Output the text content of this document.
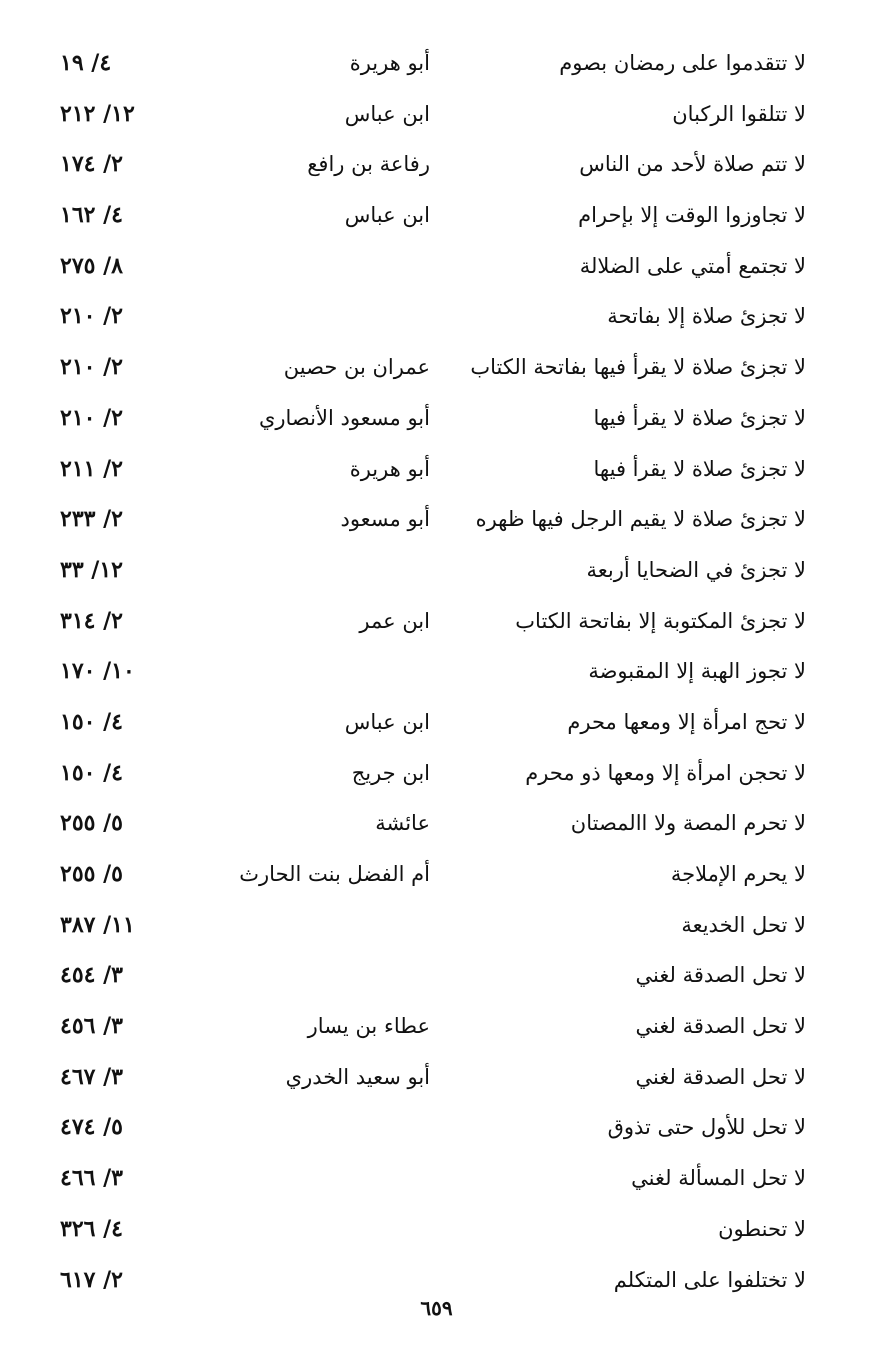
لا تتقدموا على رمضان بصوم
أبو هريرة
٤/ ١٩
لا تتلقوا الركبان
ابن عباس
١٢/ ٢١٢
لا تتم صلاة لأحد من الناس
رفاعة بن رافع
٢/ ١٧٤
لا تجاوزوا الوقت إلا بإحرام
ابن عباس
٤/ ١٦٢
لا تجتمع أمتي على الضلالة
٨/ ٢٧٥
لا تجزئ صلاة إلا بفاتحة
٢/ ٢١٠
لا تجزئ صلاة لا يقرأ فيها بفاتحة الكتاب
عمران بن حصين
٢/ ٢١٠
لا تجزئ صلاة لا يقرأ فيها
أبو مسعود الأنصاري
٢/ ٢١٠
لا تجزئ صلاة لا يقرأ فيها
أبو هريرة
٢/ ٢١١
لا تجزئ صلاة لا يقيم الرجل فيها ظهره
أبو مسعود
٢/ ٢٣٣
لا تجزئ في الضحايا أربعة
١٢/ ٣٣
لا تجزئ المكتوبة إلا بفاتحة الكتاب
ابن عمر
٢/ ٣١٤
لا تجوز الهبة إلا المقبوضة
١٠/ ١٧٠
لا تحج امرأة إلا ومعها محرم
ابن عباس
٤/ ١٥٠
لا تحجن امرأة إلا ومعها ذو محرم
ابن جريج
٤/ ١٥٠
لا تحرم المصة ولا االمصتان
عائشة
٥/ ٢٥٥
لا يحرم الإملاجة
أم الفضل بنت الحارث
٥/ ٢٥٥
لا تحل الخديعة
١١/ ٣٨٧
لا تحل الصدقة لغني
٣/ ٤٥٤
لا تحل الصدقة لغني
عطاء بن يسار
٣/ ٤٥٦
لا تحل الصدقة لغني
أبو سعيد الخدري
٣/ ٤٦٧
لا تحل للأول حتى تذوق
٥/ ٤٧٤
لا تحل المسألة لغني
٣/ ٤٦٦
لا تحنطون
٤/ ٣٢٦
لا تختلفوا على المتكلم
٢/ ٦١٧
٦٥٩
